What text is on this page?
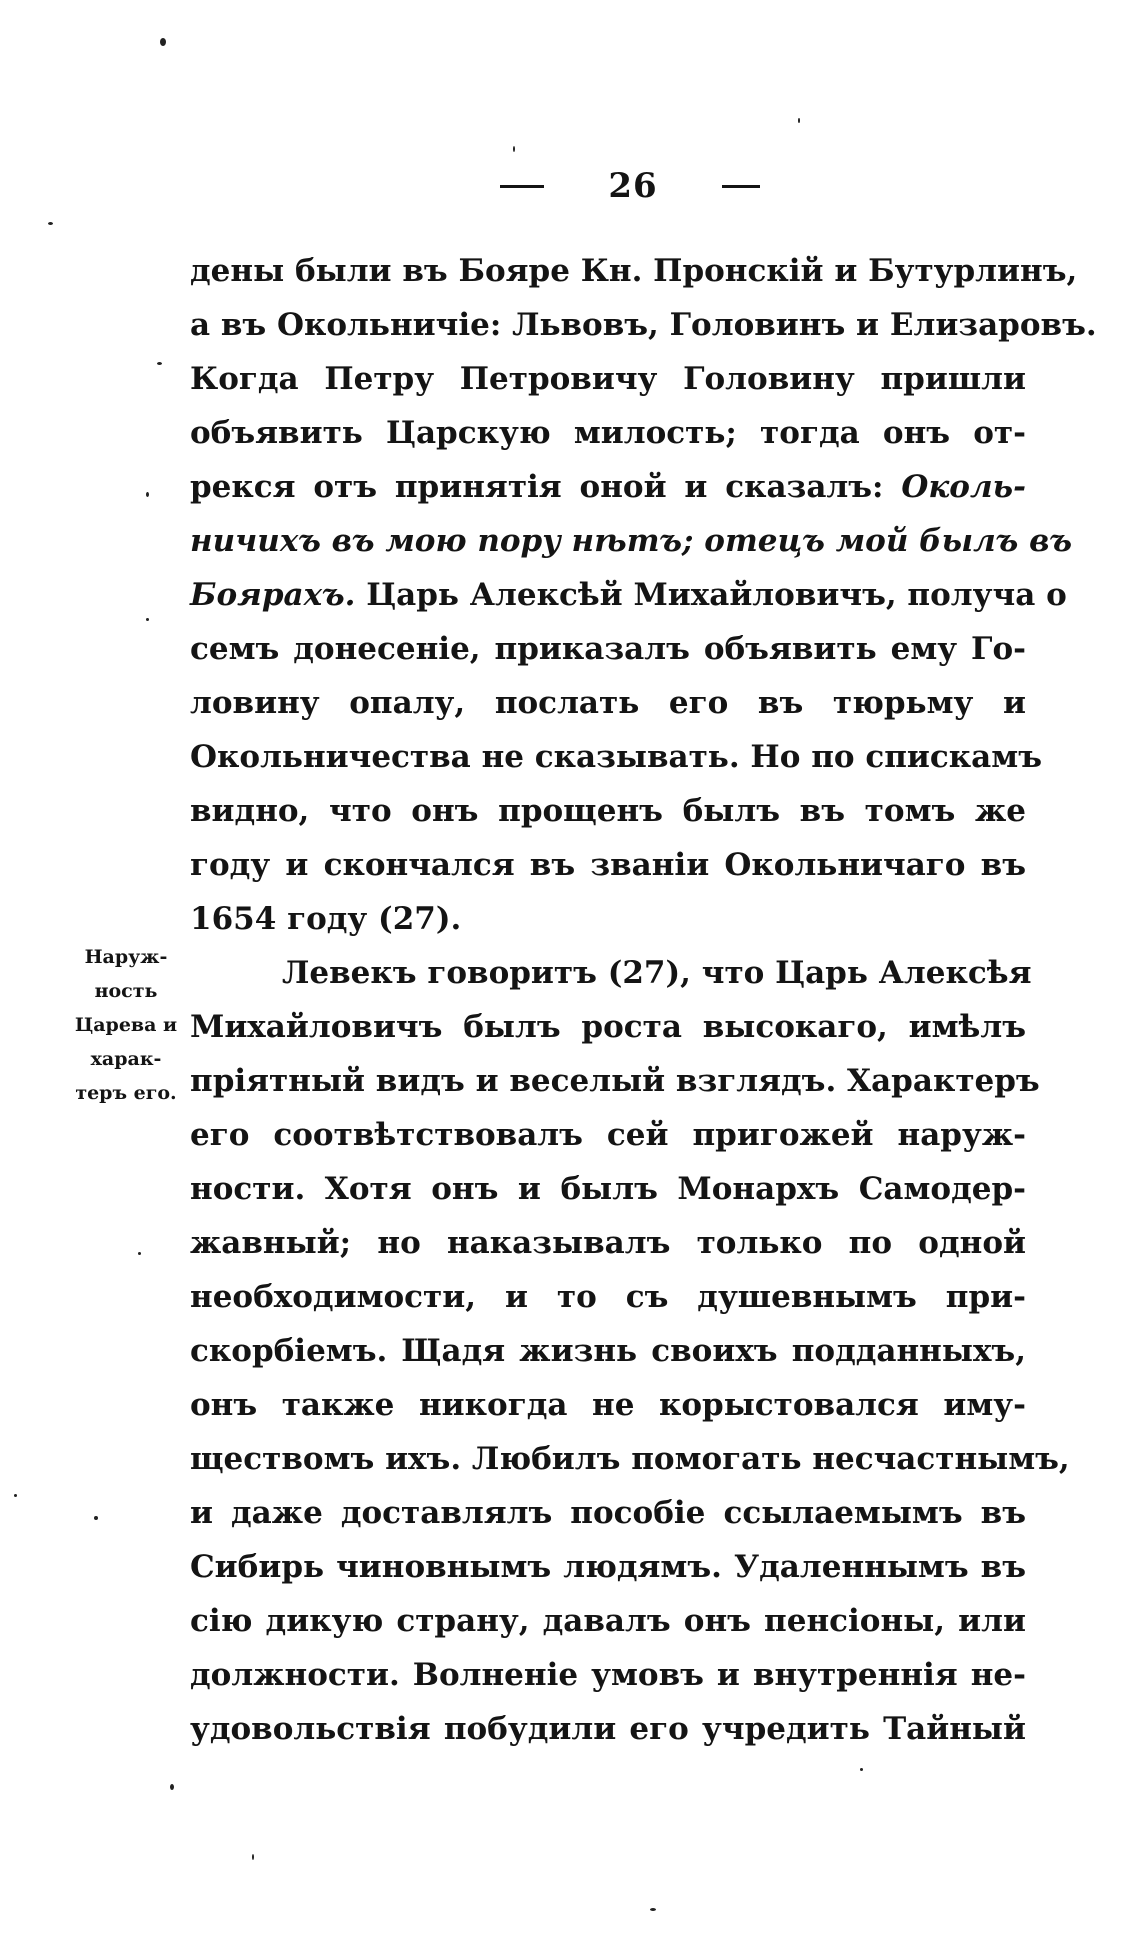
26
Наруж-
ность
Царева и
харак-
теръ его.
дены были въ Бояре Кн. Пронскій и Бутурлинъ,
а въ Окольничіе: Львовъ, Головинъ и Елизаровъ.
Когда Петру Петровичу Головину пришли
объявить Царскую милость; тогда онъ от-
рекся отъ принятія оной и сказалъ: Околь-
ничихъ въ мою пору нѣтъ; отецъ мой былъ въ
Боярахъ. Царь Алексѣй Михайловичъ, получа о
семъ донесеніе, приказалъ объявить ему Го-
ловину опалу, послать его въ тюрьму и
Окольничества не сказывать. Но по спискамъ
видно, что онъ прощенъ былъ въ томъ же
году и скончался въ званіи Окольничаго въ
1654 году (27).
Левекъ говоритъ (27), что Царь Алексѣя
Михайловичъ былъ роста высокаго, имѣлъ
пріятный видъ и веселый взглядъ. Характеръ
его соотвѣтствовалъ сей пригожей наруж-
ности. Хотя онъ и былъ Монархъ Самодер-
жавный; но наказывалъ только по одной
необходимости, и то съ душевнымъ при-
скорбіемъ. Щадя жизнь своихъ подданныхъ,
онъ также никогда не корыстовался иму-
ществомъ ихъ. Любилъ помогать несчастнымъ,
и даже доставлялъ пособіе ссылаемымъ въ
Сибирь чиновнымъ людямъ. Удаленнымъ въ
сію дикую страну, давалъ онъ пенсіоны, или
должности. Волненіе умовъ и внутреннія не-
удовольствія побудили его учредить Тайный
